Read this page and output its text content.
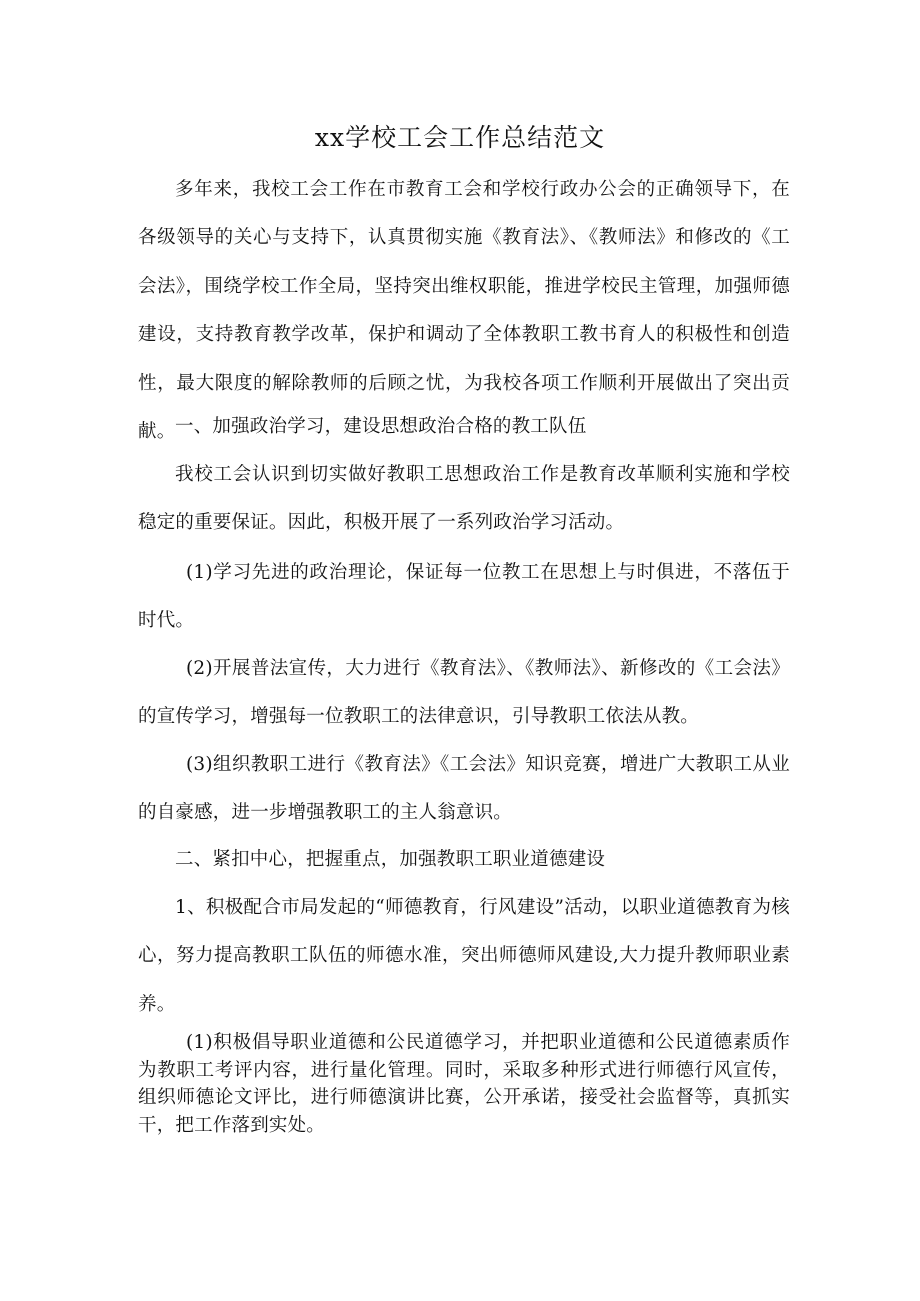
xx学校工会工作总结范文

多年来，我校工会工作在市教育工会和学校行政办公会的正确领导下，在各级领导的关心与支持下，认真贯彻实施《教育法》、《教师法》和修改的《工会法》，围绕学校工作全局，坚持突出维权职能，推进学校民主管理，加强师德建设，支持教育教学改革，保护和调动了全体教职工教书育人的积极性和创造性，最大限度的解除教师的后顾之忧，为我校各项工作顺利开展做出了突出贡献。 一、加强政治学习，建设思想政治合格的教工队伍

我校工会认识到切实做好教职工思想政治工作是教育改革顺利实施和学校稳定的重要保证。因此，积极开展了一系列政治学习活动。

(1)学习先进的政治理论，保证每一位教工在思想上与时俱进，不落伍于时代。

(2)开展普法宣传，大力进行《教育法》、《教师法》、新修改的《工会法》的宣传学习，增强每一位教职工的法律意识，引导教职工依法从教。

(3)组织教职工进行《教育法》《工会法》知识竞赛，增进广大教职工从业的自豪感，进一步增强教职工的主人翁意识。

二、紧扣中心，把握重点，加强教职工职业道德建设

1、积极配合市局发起的“师德教育，行风建设”活动，以职业道德教育为核心，努力提高教职工队伍的师德水准，突出师德师风建设,大力提升教师职业素养。

(1)积极倡导职业道德和公民道德学习，并把职业道德和公民道德素质作为教职工考评内容，进行量化管理。同时，采取多种形式进行师德行风宣传，组织师德论文评比，进行师德演讲比赛，公开承诺，接受社会监督等，真抓实干，把工作落到实处。
